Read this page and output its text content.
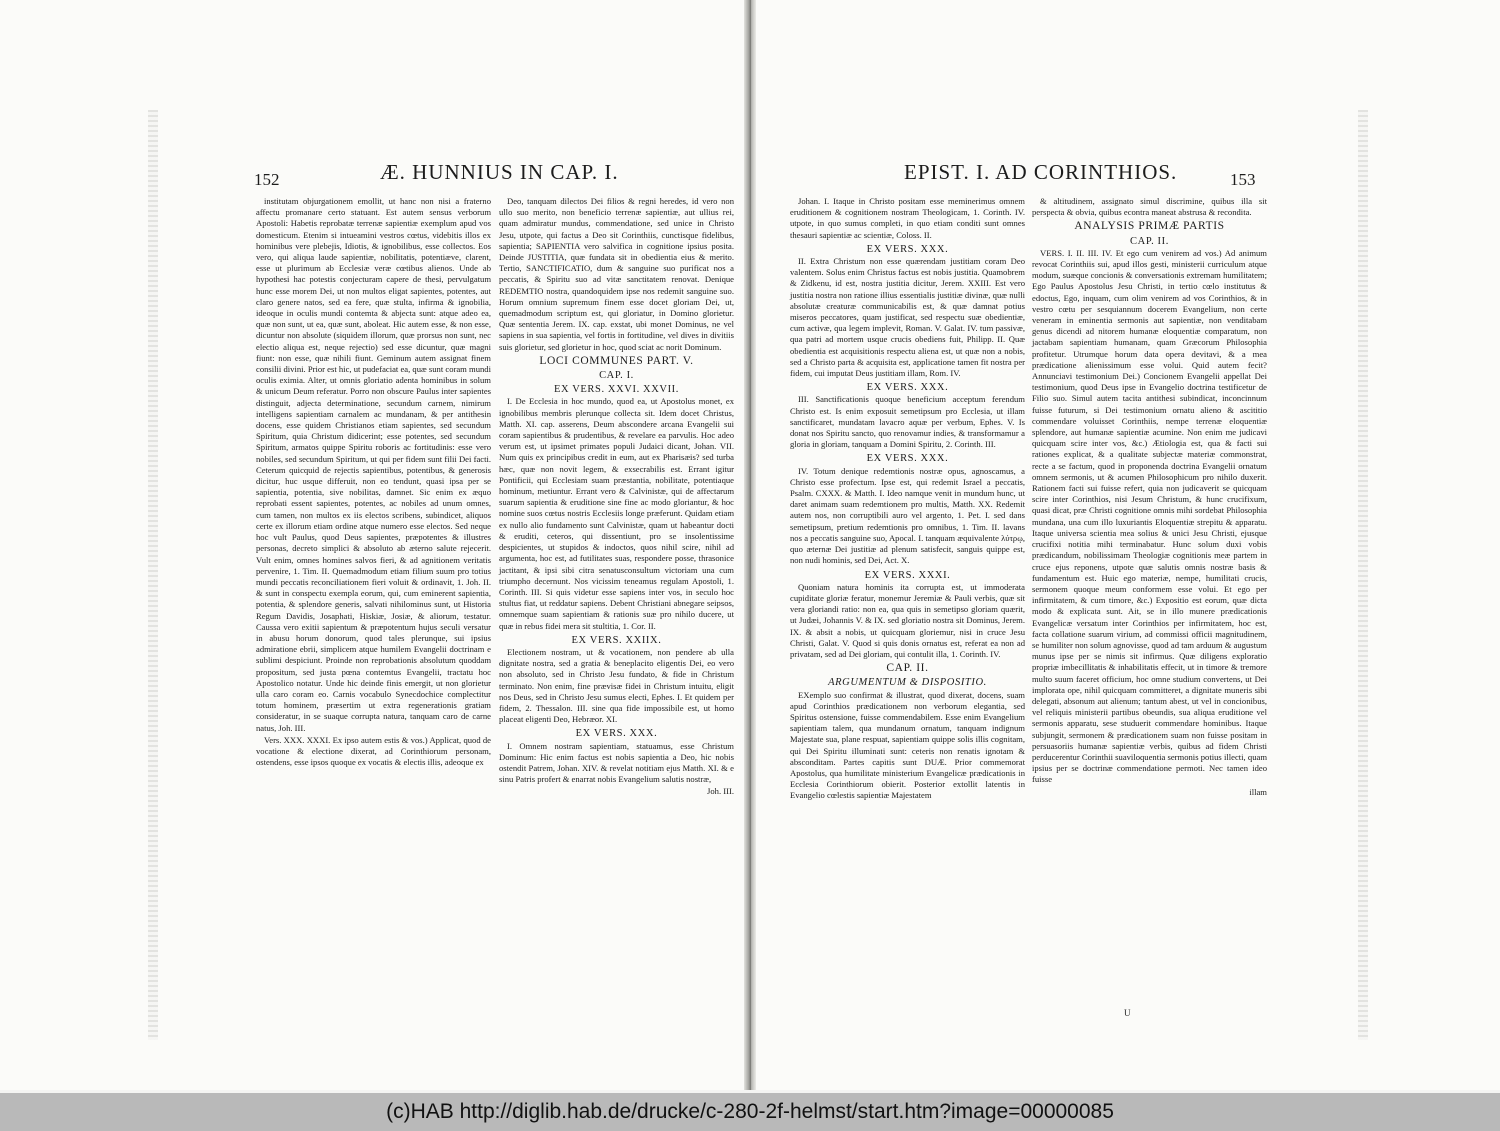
152	Æ. HUNNIUS IN CAP. I.

institutam objurgationem emollit, ut hanc non nisi a fraterno affectu promanare certo statuant. Est autem sensus verborum Apostoli: Habetis reprobatæ terrenæ sapientiæ exemplum apud vos domesticum. Etenim si intueamini vestros cœtus, videbitis illos ex hominibus vere plebejis, Idiotis, & ignobilibus, esse collectos. Eos vero, qui aliqua laude sapientiæ, nobilitatis, potentiæve, clarent, esse ut plurimum ab Ecclesiæ veræ cœtibus alienos. Unde ab hypothesi hac potestis conjecturam capere de thesi, pervulgatum hunc esse morem Dei, ut non multos eligat sapientes, potentes, aut claro genere natos, sed ea fere, quæ stulta, infirma & ignobilia, ideoque in oculis mundi contemta & abjecta sunt: atque adeo ea, quæ non sunt, ut ea, quæ sunt, aboleat. Hic autem esse, & non esse, dicuntur non absolute (siquidem illorum, quæ prorsus non sunt, nec electio aliqua est, neque rejectio) sed esse dicuntur, quæ magni fiunt: non esse, quæ nihili fiunt. Geminum autem assignat finem consilii divini. Prior est hic, ut pudefaciat ea, quæ sunt coram mundi oculis eximia. Alter, ut omnis gloriatio adenta hominibus in solum & unicum Deum referatur. Porro non obscure Paulus inter sapientes distinguit, adjecta determinatione, secundum carnem, nimirum intelligens sapientiam carnalem ac mundanam, & per antithesin docens, esse quidem Christianos etiam sapientes, sed secundum Spiritum, quia Christum didicerint; esse potentes, sed secundum Spiritum, armatos quippe Spiritu roboris ac fortitudinis: esse vero nobiles, sed secundum Spiritum, ut qui per fidem sunt filii Dei facti. Ceterum quicquid de rejectis sapientibus, potentibus, & generosis dicitur, huc usque differuit, non eo tendunt, quasi ipsa per se sapientia, potentia, sive nobilitas, damnet. Sic enim ex æquo reprobati essent sapientes, potentes, ac nobiles ad unum omnes, cum tamen, non multos ex iis electos scribens, subindicet, aliquos certe ex illorum etiam ordine atque numero esse electos. Sed neque hoc vult Paulus, quod Deus sapientes, præpotentes & illustres personas, decreto simplici & absoluto ab æterno salute rejecerit. Vult enim, omnes homines salvos fieri, & ad agnitionem veritatis pervenire, 1. Tim. II. Quemadmodum etiam filium suum pro totius mundi peccatis reconciliationem fieri voluit & ordinavit, 1. Joh. II. & sunt in conspectu exempla eorum, qui, cum eminerent sapientia, potentia, & splendore generis, salvati nihilominus sunt, ut Historia Regum Davidis, Josaphati, Hiskiæ, Josiæ, & aliorum, testatur. Caussa vero exitii sapientum & præpotentum hujus seculi versatur in abusu horum donorum, quod tales plerunque, sui ipsius admiratione ebrii, simplicem atque humilem Evangelii doctrinam e sublimi despiciunt. Proinde non reprobationis absolutum quoddam propositum, sed justa pœna contemtus Evangelii, tractatu hoc Apostolico notatur. Unde hic deinde finis emergit, ut non glorietur ulla caro coram eo. Carnis vocabulo Synecdochice complectitur totum hominem, præsertim ut extra regenerationis gratiam consideratur, in se suaque corrupta natura, tanquam caro de carne natus, Joh. III.

Vers. XXX. XXXI. Ex ipso autem estis & vos.) Applicat, quod de vocatione & electione dixerat, ad Corinthiorum personam, ostendens, esse ipsos quoque ex vocatis & electis illis, adeoque ex

Deo, tanquam dilectos Dei filios & regni heredes, id vero non ullo suo merito, non beneficio terrenæ sapientiæ, aut ullius rei, quam admiratur mundus, commendatione, sed unice in Christo Jesu, utpote, qui factus a Deo sit Corinthiis, cunctisque fidelibus, sapientia; SAPIENTIA vero salvifica in cognitione ipsius posita. Deinde JUSTITIA, quæ fundata sit in obedientia eius & merito. Tertio, SANCTIFICATIO, dum & sanguine suo purificat nos a peccatis, & Spiritu suo ad vitæ sanctitatem renovat. Denique REDEMTIO nostra, quandoquidem ipse nos redemit sanguine suo. Horum omnium supremum finem esse docet gloriam Dei, ut, quemadmodum scriptum est, qui gloriatur, in Domino glorietur. Quæ sententia Jerem. IX. cap. exstat, ubi monet Dominus, ne vel sapiens in sua sapientia, vel fortis in fortitudine, vel dives in divitiis suis glorietur, sed glorietur in hoc, quod sciat ac norit Dominum.

LOCI COMMUNES PART. V.
CAP. I.
EX VERS. XXVI. XXVII.

I. De Ecclesia in hoc mundo, quod ea, ut Apostolus monet, ex ignobilibus membris plerunque collecta sit. Idem docet Christus, Matth. XI. cap. asserens, Deum abscondere arcana Evangelii sui coram sapientibus & prudentibus, & revelare ea parvulis. Hoc adeo verum est, ut ipsimet primates populi Judaici dicant, Johan. VII. Num quis ex principibus credit in eum, aut ex Pharisæis? sed turba hæc, quæ non novit legem, & exsecrabilis est. Errant igitur Pontificii, qui Ecclesiam suam præstantia, nobilitate, potentiaque hominum, metiuntur. Errant vero & Calvinistæ, qui de affectarum suarum sapientia & eruditione sine fine ac modo gloriantur, & hoc nomine suos cœtus nostris Ecclesiis longe præferunt. Quidam etiam ex nullo alio fundamento sunt Calvinistæ, quam ut habeantur docti & eruditi, ceteros, qui dissentiunt, pro se insolentissime despicientes, ut stupidos & indoctos, quos nihil scire, nihil ad argumenta, hoc est, ad futilitates suas, respondere posse, thrasonice jactitant, & ipsi sibi citra senatusconsultum victoriam una cum triumpho decernunt. Nos vicissim teneamus regulam Apostoli, 1. Corinth. III. Si quis videtur esse sapiens inter vos, in seculo hoc stultus fiat, ut reddatur sapiens. Debent Christiani abnegare seipsos, omnemque suam sapientiam & rationis suæ pro nihilo ducere, ut quæ in rebus fidei mera sit stultitia, 1. Cor. II.

EX VERS. XXIIX.

Electionem nostram, ut & vocationem, non pendere ab ulla dignitate nostra, sed a gratia & beneplacito eligentis Dei, eo vero non absoluto, sed in Christo Jesu fundato, & fide in Christum terminato. Non enim, fine prævisæ fidei in Christum intuitu, eligit nos Deus, sed in Christo Jesu sumus electi, Ephes. I. Et quidem per fidem, 2. Thessalon. III. sine qua fide impossibile est, ut homo placeat eligenti Deo, Hebræor. XI.

EX VERS. XXX.

I. Omnem nostram sapientiam, statuamus, esse Christum Dominum: Hic enim factus est nobis sapientia a Deo, hic nobis ostendit Patrem, Johan. XIV. & revelat notitiam ejus Matth. XI. & e sinu Patris profert & enarrat nobis Evangelium salutis nostræ,

Joh. III.
EPIST. I. AD CORINTHIOS.	153

Johan. I. Itaque in Christo positam esse meminerimus omnem eruditionem & cognitionem nostram Theologicam, 1. Corinth. IV. utpote, in quo sumus completi, in quo etiam conditi sunt omnes thesauri sapientiæ ac scientiæ, Coloss. II.

EX VERS. XXX.

II. Extra Christum non esse quærendam justitiam coram Deo valentem. Solus enim Christus factus est nobis justitia. Quamobrem & Zidkenu, id est, nostra justitia dicitur, Jerem. XXIII. Est vero justitia nostra non ratione illius essentialis justitiæ divinæ, quæ nulli absolutæ creaturæ communicabilis est, & quæ damnat potius miseros peccatores, quam justificat, sed respectu suæ obedientiæ, cum activæ, qua legem implevit, Roman. V. Galat. IV. tum passivæ, qua patri ad mortem usque crucis obediens fuit, Philipp. II. Quæ obedientia est acquisitionis respectu aliena est, ut quæ non a nobis, sed a Christo parta & acquisita est, applicatione tamen fit nostra per fidem, cui imputat Deus justitiam illam, Rom. IV.

EX VERS. XXX.

III. Sanctificationis quoque beneficium acceptum ferendum Christo est. Is enim exposuit semetipsum pro Ecclesia, ut illam sanctificaret, mundatam lavacro aquæ per verbum, Ephes. V. Is donat nos Spiritu sancto, quo renovamur indies, & transformamur a gloria in gloriam, tanquam a Domini Spiritu, 2. Corinth. III.

EX VERS. XXX.

IV. Totum denique redemtionis nostræ opus, agnoscamus, a Christo esse profectum. Ipse est, qui redemit Israel a peccatis, Psalm. CXXX. & Matth. I. Ideo namque venit in mundum hunc, ut daret animam suam redemtionem pro multis, Matth. XX. Redemit autem nos, non corruptibili auro vel argento, 1. Pet. I. sed dans semetipsum, pretium redemtionis pro omnibus, 1. Tim. II. lavans nos a peccatis sanguine suo, Apocal. I. tanquam æquivalente λύτρῳ, quo æternæ Dei justitiæ ad plenum satisfecit, sanguis quippe est, non nudi hominis, sed Dei, Act. X.

EX VERS. XXXI.

Quoniam natura hominis ita corrupta est, ut immoderata cupiditate gloriæ feratur, monemur Jeremiæ & Pauli verbis, quæ sit vera gloriandi ratio: non ea, qua quis in semetipso gloriam quærit, ut Judæi, Johannis V. & IX. sed gloriatio nostra sit Dominus, Jerem. IX. & absit a nobis, ut quicquam gloriemur, nisi in cruce Jesu Christi, Galat. V. Quod si quis donis ornatus est, referat ea non ad privatam, sed ad Dei gloriam, qui contulit illa, 1. Corinth. IV.

CAP. II.
ARGUMENTUM & DISPOSITIO.

EXemplo suo confirmat & illustrat, quod dixerat, docens, suam apud Corinthios prædicationem non verborum elegantia, sed Spiritus ostensione, fuisse commendabilem. Esse enim Evangelium sapientiam talem, qua mundanum ornatum, tanquam indignum Majestate sua, plane respuat, sapientiam quippe solis illis cognitam, qui Dei Spiritu illuminati sunt: ceteris non renatis ignotam & absconditam. Partes capitis sunt DUÆ. Prior commemorat Apostolus, qua humilitate ministerium Evangelicæ prædicationis in Ecclesia Corinthiorum obierit. Posterior extollit latentis in Evangelio cœlestis sapientiæ Majestatem

& altitudinem, assignato simul discrimine, quibus illa sit perspecta & obvia, quibus econtra maneat abstrusa & recondita.

ANALYSIS PRIMÆ PARTIS
CAP. II.

VERS. I. II. III. IV. Et ego cum venirem ad vos.) Ad animum revocat Corinthiis sui, apud illos gesti, ministerii curriculum atque modum, suæque concionis & conversationis extremam humilitatem; Ego Paulus Apostolus Jesu Christi, in tertio cœlo institutus & edoctus, Ego, inquam, cum olim venirem ad vos Corinthios, & in vestro cœtu per sesquiannum docerem Evangelium, non certe veneram in eminentia sermonis aut sapientiæ, non venditabam genus dicendi ad nitorem humanæ eloquentiæ comparatum, non jactabam sapientiam humanam, quam Græcorum Philosophia profitetur. Utrumque horum data opera devitavi, & a mea prædicatione alienissimum esse volui. Quid autem fecit? Annunciavi testimonium Dei.) Concionem Evangelii appellat Dei testimonium, quod Deus ipse in Evangelio doctrina testificetur de Filio suo. Simul autem tacita antithesi subindicat, inconcinnum fuisse futurum, si Dei testimonium ornatu alieno & ascititio commendare voluisset Corinthiis, nempe terrenæ eloquentiæ splendore, aut humanæ sapientiæ acumine. Non enim me judicavi quicquam scire inter vos, &c.) Ætiologia est, qua & facti sui rationes explicat, & a qualitate subjectæ materiæ commonstrat, recte a se factum, quod in proponenda doctrina Evangelii ornatum omnem sermonis, ut & acumen Philosophicum pro nihilo duxerit. Rationem facti sui fuisse refert, quia non judicaverit se quicquam scire inter Corinthios, nisi Jesum Christum, & hunc crucifixum, quasi dicat, præ Christi cognitione omnis mihi sordebat Philosophia mundana, una cum illo luxuriantis Eloquentiæ strepitu & apparatu. Itaque universa scientia mea solius & unici Jesu Christi, ejusque crucifixi notitia mihi terminabatur. Hunc solum duxi vobis prædicandum, nobilissimam Theologiæ cognitionis meæ partem in cruce ejus reponens, utpote quæ salutis omnis nostræ basis & fundamentum est. Huic ego materiæ, nempe, humilitati crucis, sermonem quoque meum conformem esse volui. Et ego per infirmitatem, & cum timore, &c.) Expositio est eorum, quæ dicta modo & explicata sunt. Ait, se in illo munere prædicationis Evangelicæ versatum inter Corinthios per infirmitatem, hoc est, facta collatione suarum virium, ad commissi officii magnitudinem, se humiliter non solum agnovisse, quod ad tam arduum & augustum munus ipse per se nimis sit infirmus. Quæ diligens exploratio propriæ imbecillitatis & inhabilitatis effecit, ut in timore & tremore multo suum faceret officium, hoc omne studium convertens, ut Dei implorata ope, nihil quicquam committeret, a dignitate muneris sibi delegati, absonum aut alienum; tantum abest, ut vel in concionibus, vel reliquis ministerii partibus obeundis, sua aliqua eruditione vel sermonis apparatu, sese studuerit commendare hominibus. Itaque subjungit, sermonem & prædicationem suam non fuisse positam in persuasoriis humanæ sapientiæ verbis, quibus ad fidem Christi perducerentur Corinthii suaviloquentia sermonis potius illecti, quam ipsius per se doctrinæ commendatione permoti. Nec tamen ideo fuisse

illam
U
(c)HAB http://diglib.hab.de/drucke/c-280-2f-helmst/start.htm?image=00000085
